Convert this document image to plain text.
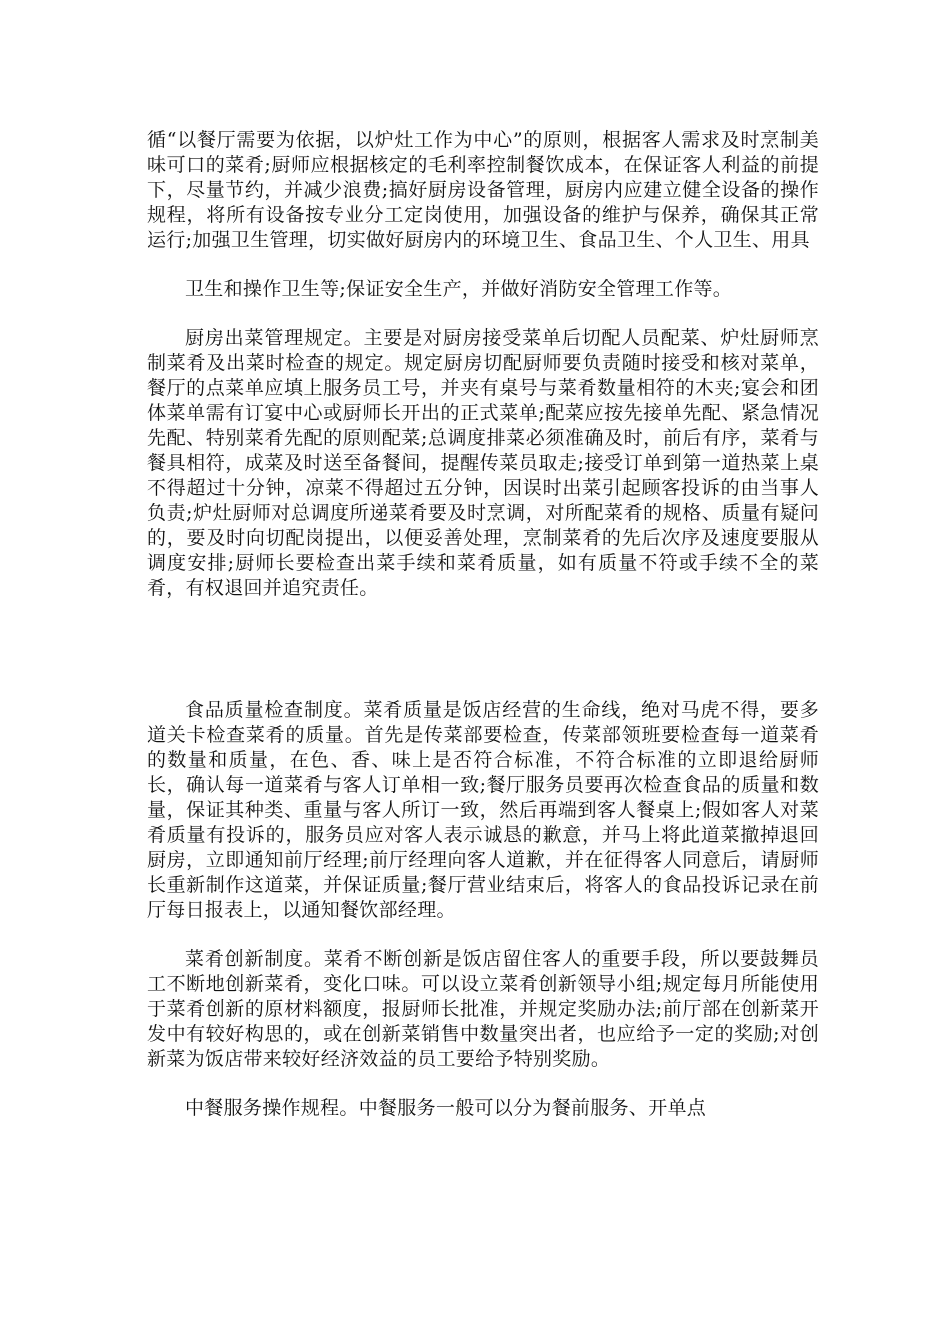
循“以餐厅需要为依据，以炉灶工作为中心”的原则，根据客人需求及时烹制美味可口的菜肴;厨师应根据核定的毛利率控制餐饮成本，在保证客人利益的前提下，尽量节约，并减少浪费;搞好厨房设备管理，厨房内应建立健全设备的操作规程，将所有设备按专业分工定岗使用，加强设备的维护与保养，确保其正常运行;加强卫生管理，切实做好厨房内的环境卫生、食品卫生、个人卫生、用具

卫生和操作卫生等;保证安全生产，并做好消防安全管理工作等。

厨房出菜管理规定。主要是对厨房接受菜单后切配人员配菜、炉灶厨师烹制菜肴及出菜时检查的规定。规定厨房切配厨师要负责随时接受和核对菜单，餐厅的点菜单应填上服务员工号，并夹有桌号与菜肴数量相符的木夹;宴会和团体菜单需有订宴中心或厨师长开出的正式菜单;配菜应按先接单先配、紧急情况先配、特别菜肴先配的原则配菜;总调度排菜必须准确及时，前后有序，菜肴与餐具相符，成菜及时送至备餐间，提醒传菜员取走;接受订单到第一道热菜上桌不得超过十分钟，凉菜不得超过五分钟，因误时出菜引起顾客投诉的由当事人负责;炉灶厨师对总调度所递菜肴要及时烹调，对所配菜肴的规格、质量有疑问的，要及时向切配岗提出，以便妥善处理，烹制菜肴的先后次序及速度要服从调度安排;厨师长要检查出菜手续和菜肴质量，如有质量不符或手续不全的菜肴，有权退回并追究责任。

食品质量检查制度。菜肴质量是饭店经营的生命线，绝对马虎不得，要多道关卡检查菜肴的质量。首先是传菜部要检查，传菜部领班要检查每一道菜肴的数量和质量，在色、香、味上是否符合标准，不符合标准的立即退给厨师长，确认每一道菜肴与客人订单相一致;餐厅服务员要再次检查食品的质量和数量，保证其种类、重量与客人所订一致，然后再端到客人餐桌上;假如客人对菜肴质量有投诉的，服务员应对客人表示诚恳的歉意，并马上将此道菜撤掉退回厨房，立即通知前厅经理;前厅经理向客人道歉，并在征得客人同意后，请厨师长重新制作这道菜，并保证质量;餐厅营业结束后，将客人的食品投诉记录在前厅每日报表上，以通知餐饮部经理。

菜肴创新制度。菜肴不断创新是饭店留住客人的重要手段，所以要鼓舞员工不断地创新菜肴，变化口味。可以设立菜肴创新领导小组;规定每月所能使用于菜肴创新的原材料额度，报厨师长批准，并规定奖励办法;前厅部在创新菜开发中有较好构思的，或在创新菜销售中数量突出者，也应给予一定的奖励;对创新菜为饭店带来较好经济效益的员工要给予特别奖励。

中餐服务操作规程。中餐服务一般可以分为餐前服务、开单点
